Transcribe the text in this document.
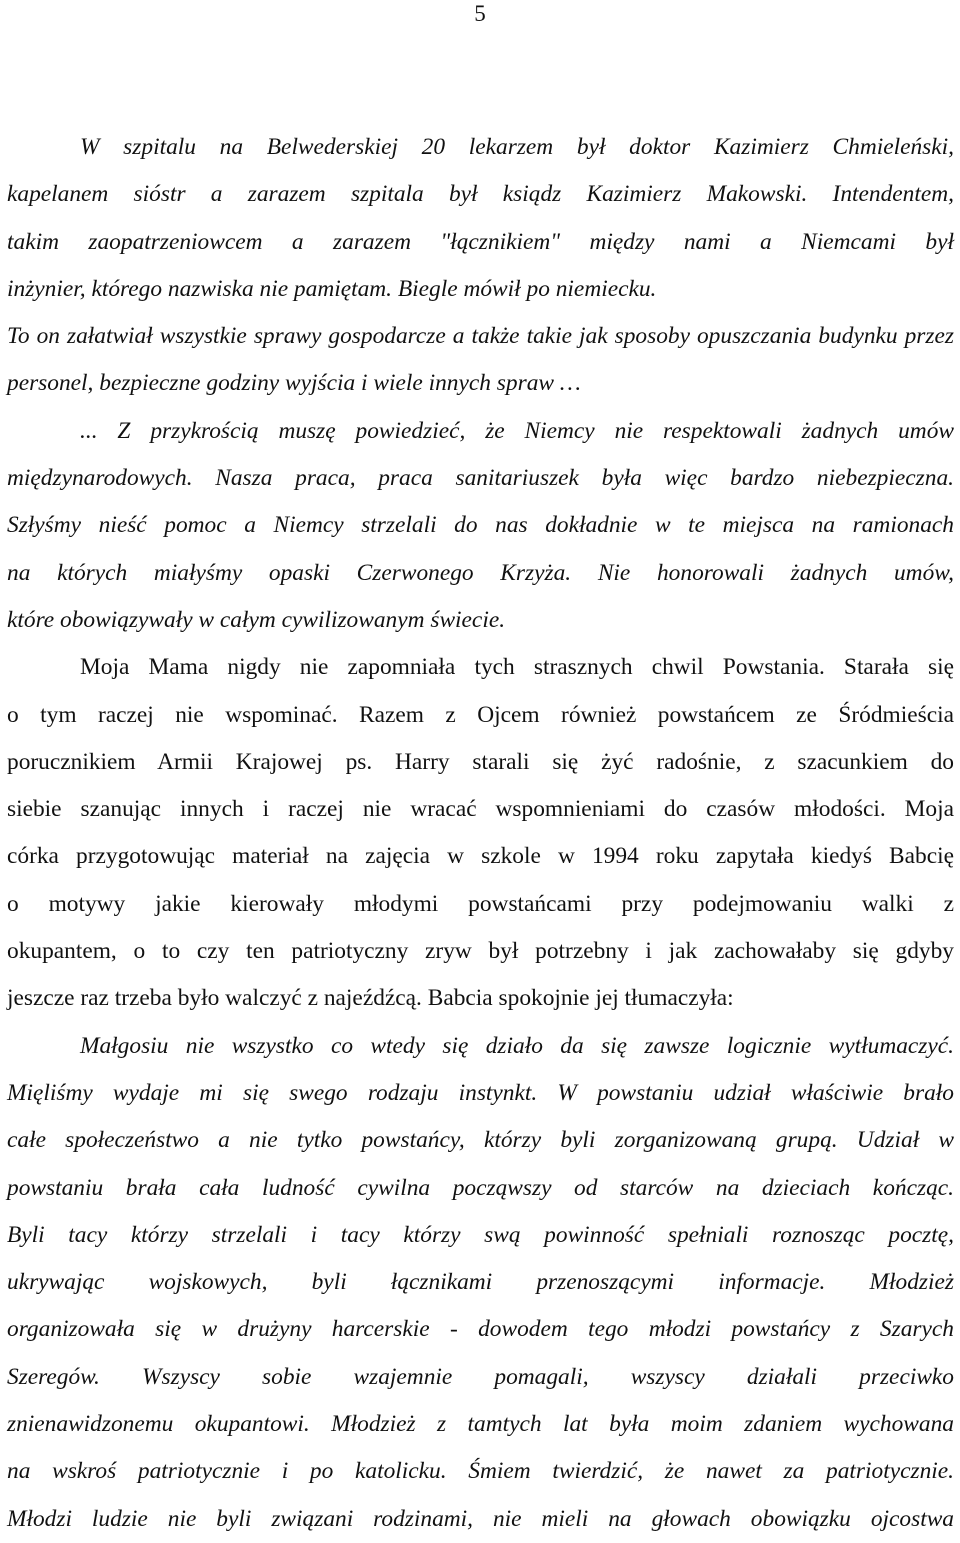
5
W szpitalu na Belwederskiej 20 lekarzem był doktor Kazimierz Chmieleński,
kapelanem sióstr a zarazem szpitala był ksiądz Kazimierz Makowski. Intendentem,
takim zaopatrzeniowcem a zarazem "łącznikiem" między nami a Niemcami był
inżynier, którego nazwiska nie pamiętam. Biegle mówił po niemiecku.
To on załatwiał wszystkie sprawy gospodarcze a także takie jak sposoby opuszczania budynku przez
personel, bezpieczne godziny wyjścia i wiele innych spraw …
... Z przykrością muszę powiedzieć, że Niemcy nie respektowali żadnych umów
międzynarodowych. Nasza praca, praca sanitariuszek była więc bardzo niebezpieczna.
Szłyśmy nieść pomoc a Niemcy strzelali do nas dokładnie w te miejsca na ramionach
na których miałyśmy opaski Czerwonego Krzyża. Nie honorowali żadnych umów,
które obowiązywały w całym cywilizowanym świecie.
Moja Mama nigdy nie zapomniała tych strasznych chwil Powstania. Starała się
o tym raczej nie wspominać. Razem z Ojcem również powstańcem ze Śródmieścia
porucznikiem Armii Krajowej ps. Harry starali się żyć radośnie, z szacunkiem do
siebie szanując innych i raczej nie wracać wspomnieniami do czasów młodości. Moja
córka przygotowując materiał na zajęcia w szkole w 1994 roku zapytała kiedyś Babcię
o motywy jakie kierowały młodymi powstańcami przy podejmowaniu walki z
okupantem, o to czy ten patriotyczny zryw był potrzebny i jak zachowałaby się gdyby
jeszcze raz trzeba było walczyć z najeźdźcą. Babcia spokojnie jej tłumaczyła:
Małgosiu nie wszystko co wtedy się działo da się zawsze logicznie wytłumaczyć.
Mięliśmy wydaje mi się swego rodzaju instynkt. W powstaniu udział właściwie brało
całe społeczeństwo a nie tytko powstańcy, którzy byli zorganizowaną grupą. Udział w
powstaniu brała cała ludność cywilna począwszy od starców na dzieciach kończąc.
Byli tacy którzy strzelali i tacy którzy swą powinność spełniali roznosząc pocztę,
ukrywając wojskowych, byli łącznikami przenoszącymi informacje. Młodzież
organizowała się w drużyny harcerskie - dowodem tego młodzi powstańcy z Szarych
Szeregów. Wszyscy sobie wzajemnie pomagali, wszyscy działali przeciwko
znienawidzonemu okupantowi. Młodzież z tamtych lat była moim zdaniem wychowana
na wskroś patriotycznie i po katolicku. Śmiem twierdzić, że nawet za patriotycznie.
Młodzi ludzie nie byli związani rodzinami, nie mieli na głowach obowiązku ojcostwa
